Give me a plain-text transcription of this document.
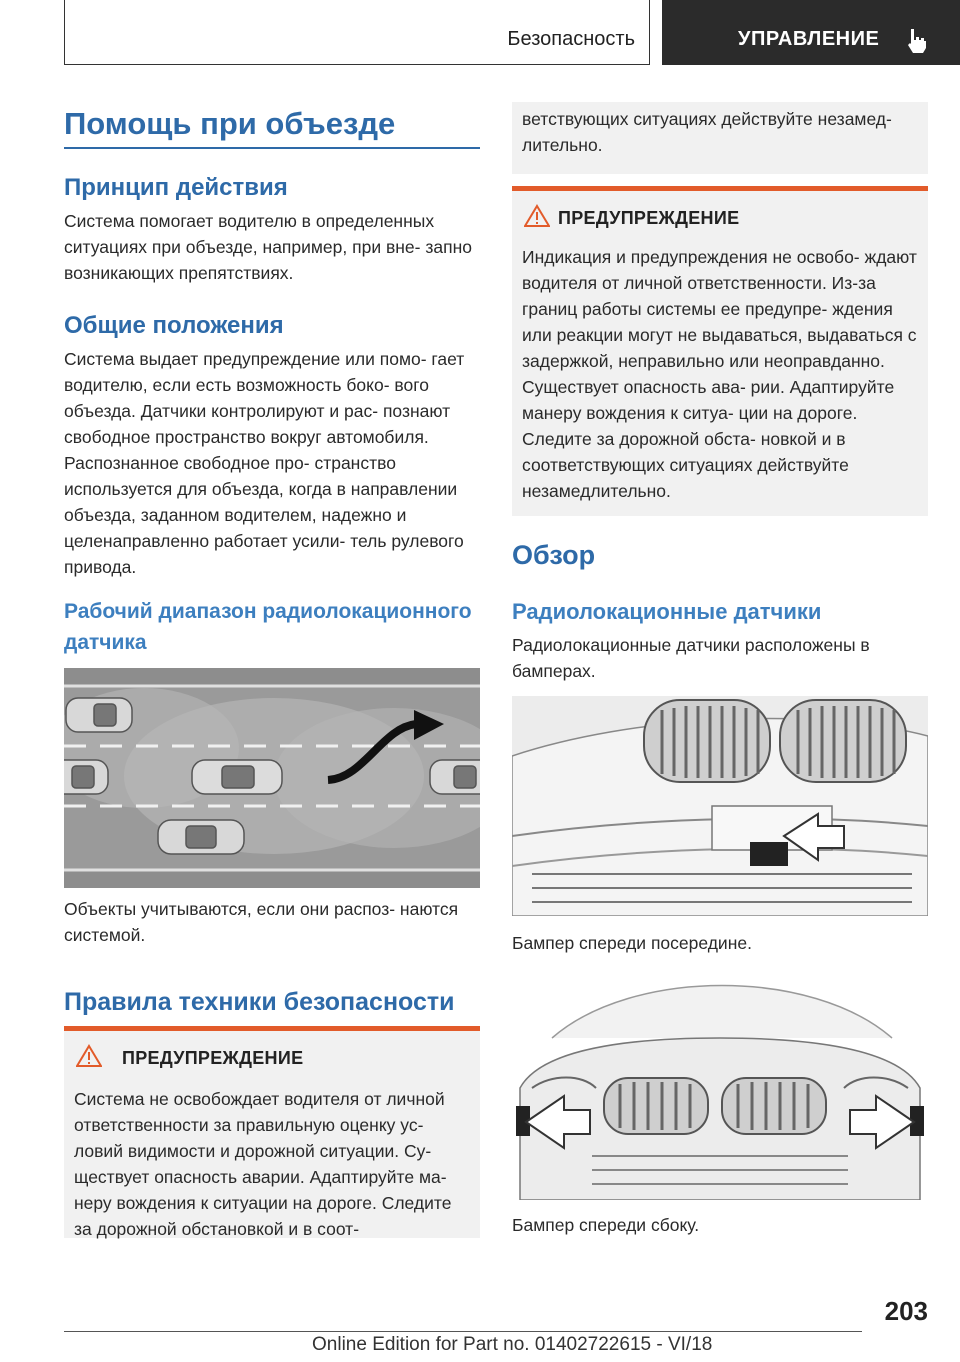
Безопасность	УПРАВЛЕНИЕ
Помощь при объезде
Принцип действия
Система помогает водителю в определенных ситуациях при объезде, например, при вне- запно возникающих препятствиях.
Общие положения
Система выдает предупреждение или помо- гает водителю, если есть возможность боко- вого объезда. Датчики контролируют и рас- познают свободное пространство вокруг автомобиля. Распознанное свободное про- странство используется для объезда, когда в направлении объезда, заданном водителем, надежно и целенаправленно работает усили- тель рулевого привода.
Рабочий диапазон радиолокационного датчика
Объекты учитываются, если они распоз- наются системой.
Правила техники безопасности
ПРЕДУПРЕЖДЕНИЕ
Система не освобождает водителя от личной ответственности за правильную оценку ус- ловий видимости и дорожной ситуации. Су- ществует опасность аварии. Адаптируйте ма- неру вождения к ситуации на дороге. Следите за дорожной обстановкой и в соот-
ветствующих ситуациях действуйте незамед- лительно.
ПРЕДУПРЕЖДЕНИЕ
Индикация и предупреждения не освобо- ждают водителя от личной ответственности. Из-за границ работы системы ее предупре- ждения или реакции могут не выдаваться, выдаваться с задержкой, неправильно или неоправданно. Существует опасность ава- рии. Адаптируйте манеру вождения к ситуа- ции на дороге. Следите за дорожной обста- новкой и в соответствующих ситуациях действуйте незамедлительно.
Обзор
Радиолокационные датчики
Радиолокационные датчики расположены в бамперах.
Бампер спереди посередине.
Бампер спереди сбоку.
203
Online Edition for Part no. 01402722615 - VI/18
